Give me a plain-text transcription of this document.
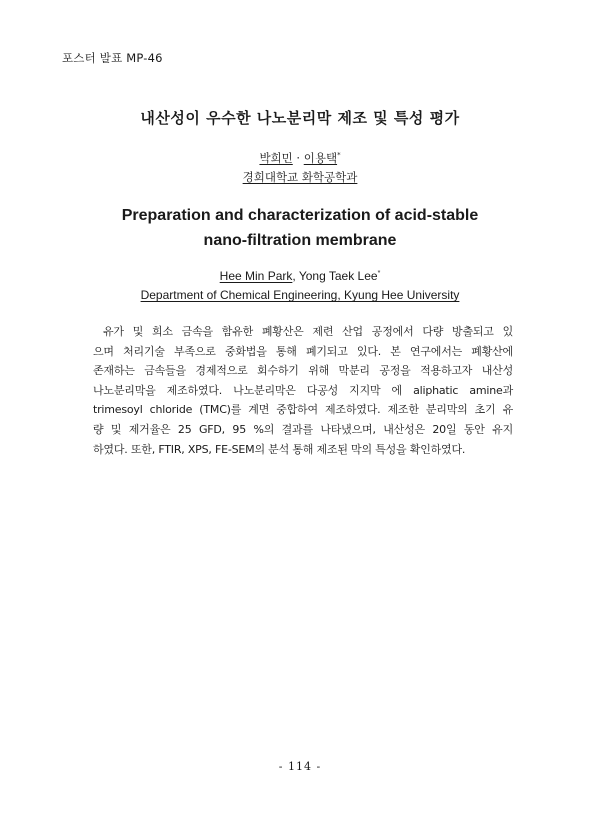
포스터 발표 MP-46
내산성이 우수한 나노분리막 제조 및 특성 평가
박희민 · 이용택*
경희대학교 화학공학과
Preparation and characterization of acid-stable
nano-filtration membrane
Hee Min Park, Yong Taek Lee*
Department of Chemical Engineering, Kyung Hee University
유가 및 희소 금속을 함유한 폐황산은 제련 산업 공정에서 다량 방출되고 있
으며 처리기술 부족으로 중화법을 통해 폐기되고 있다. 본 연구에서는 폐황산에
존재하는 금속들을 경제적으로 회수하기 위해 막분리 공정을 적용하고자 내산성
나노분리막을 제조하였다. 나노분리막은 다공성 지지막 에 aliphatic amine과
trimesoyl chloride (TMC)를 계면 중합하여 제조하였다. 제조한 분리막의 초기 유
량 및 제거율은 25 GFD, 95 %의 결과를 나타냈으며, 내산성은 20일 동안 유지
하였다. 또한, FTIR, XPS, FE-SEM의 분석 통해 제조된 막의 특성을 확인하였다.
- 114 -
